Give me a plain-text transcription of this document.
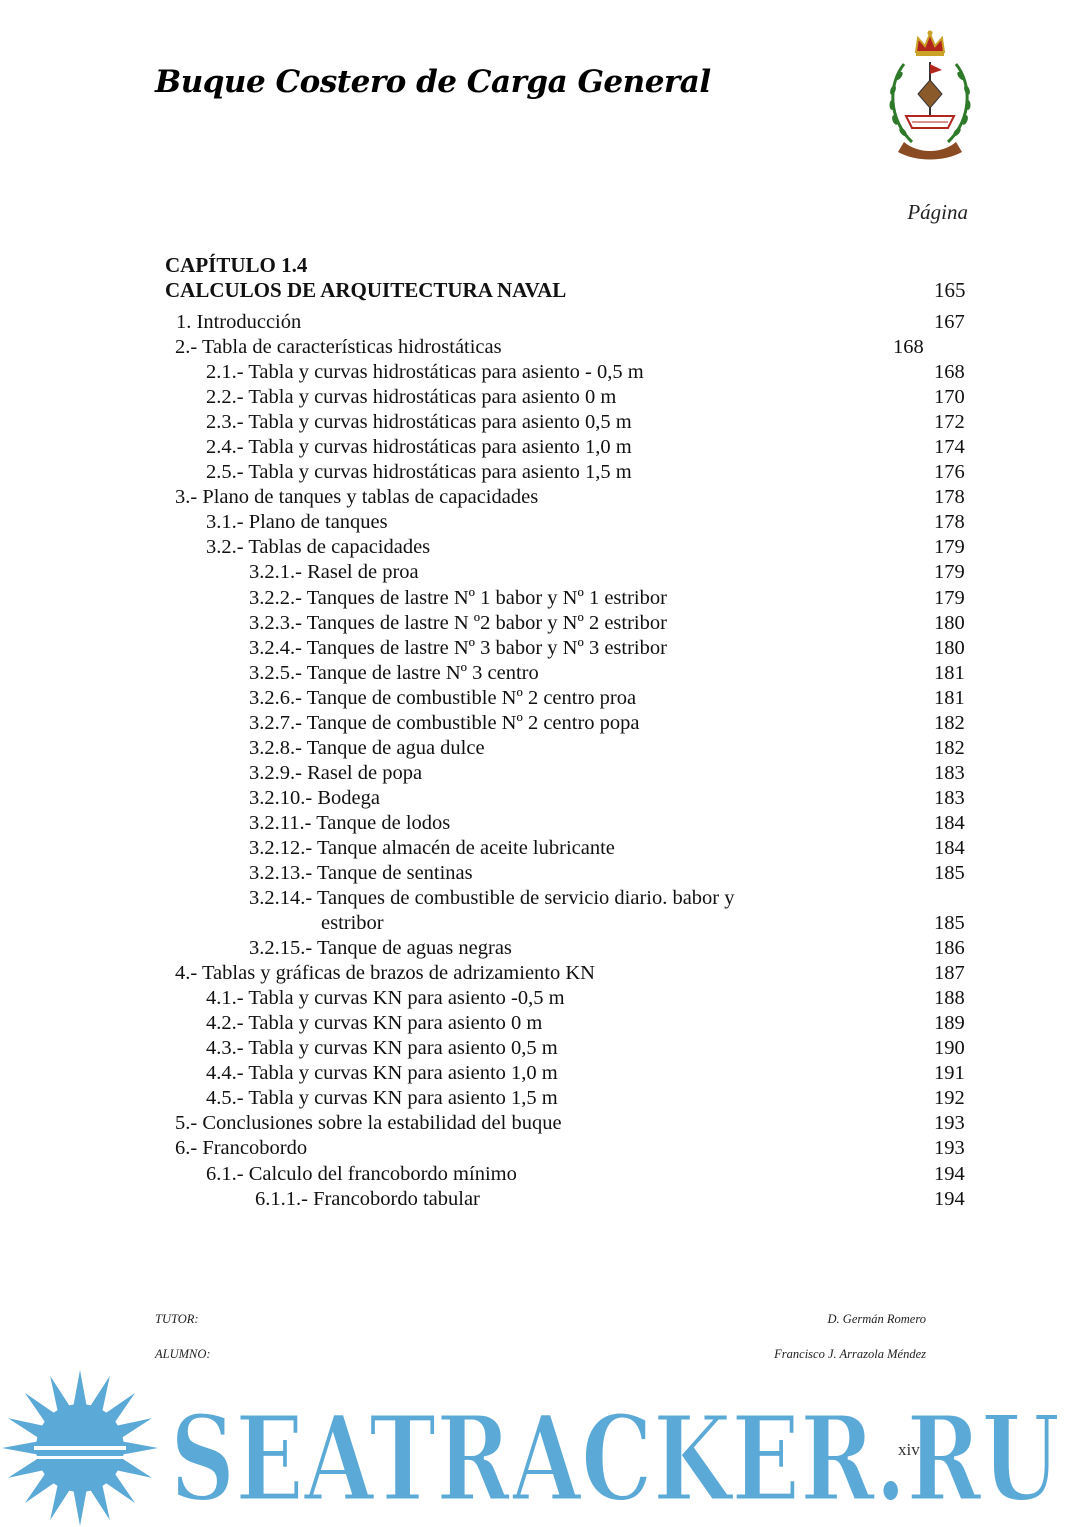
Buque Costero de Carga General
Página
CAPÍTULO 1.4
CALCULOS DE ARQUITECTURA NAVAL	165
1. Introducción	167
2.- Tabla de características hidrostáticas	168
2.1.- Tabla y curvas hidrostáticas para asiento - 0,5 m	168
2.2.- Tabla y curvas hidrostáticas para asiento 0 m	170
2.3.- Tabla y curvas hidrostáticas para asiento 0,5 m	172
2.4.- Tabla y curvas hidrostáticas para asiento 1,0 m	174
2.5.- Tabla y curvas hidrostáticas para asiento 1,5 m	176
3.- Plano de tanques y tablas de capacidades	178
3.1.- Plano de tanques	178
3.2.- Tablas de capacidades	179
3.2.1.- Rasel de proa	179
3.2.2.- Tanques de lastre Nº 1 babor y Nº 1 estribor	179
3.2.3.- Tanques de lastre N º2 babor y Nº 2 estribor	180
3.2.4.- Tanques de lastre Nº 3 babor y Nº 3 estribor	180
3.2.5.- Tanque de lastre Nº 3 centro	181
3.2.6.- Tanque de combustible Nº 2 centro proa	181
3.2.7.- Tanque de combustible Nº 2 centro popa	182
3.2.8.- Tanque de agua dulce	182
3.2.9.- Rasel de popa	183
3.2.10.- Bodega	183
3.2.11.- Tanque de lodos	184
3.2.12.- Tanque almacén de aceite lubricante	184
3.2.13.- Tanque de sentinas	185
3.2.14.- Tanques de combustible de servicio diario. babor y
estribor	185
3.2.15.- Tanque de aguas negras	186
4.- Tablas y gráficas de brazos de adrizamiento KN	187
4.1.- Tabla y curvas KN para asiento -0,5 m	188
4.2.- Tabla y curvas KN para asiento 0 m	189
4.3.- Tabla y curvas KN para asiento 0,5 m	190
4.4.- Tabla y curvas KN para asiento 1,0 m	191
4.5.- Tabla y curvas KN para asiento 1,5 m	192
5.- Conclusiones sobre la estabilidad del buque	193
6.- Francobordo	193
6.1.- Calculo del francobordo mínimo	194
6.1.1.- Francobordo tabular	194
TUTOR:	D. Germán Romero
ALUMNO:	Francisco J. Arrazola Méndez
SEATRACKER.RU
xiv
